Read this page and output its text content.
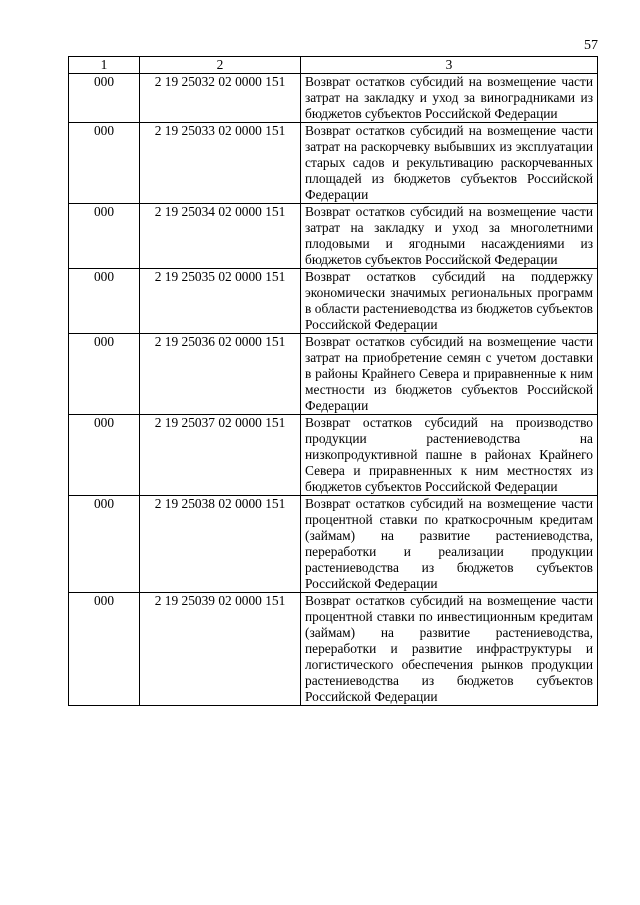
57
1	2	3
000	2 19 25032 02 0000 151	Возврат остатков субсидий на возмещение части затрат на закладку и уход за виноградниками из бюджетов субъектов Российской Федерации
000	2 19 25033 02 0000 151	Возврат остатков субсидий на возмещение части затрат на раскорчевку выбывших из эксплуатации старых садов и рекультивацию раскорчеванных площадей из бюджетов субъектов Российской Федерации
000	2 19 25034 02 0000 151	Возврат остатков субсидий на возмещение части затрат на закладку и уход за многолетними плодовыми и ягодными насаждениями из бюджетов субъектов Российской Федерации
000	2 19 25035 02 0000 151	Возврат остатков субсидий на поддержку экономически значимых региональных программ в области растениеводства из бюджетов субъектов Российской Федерации
000	2 19 25036 02 0000 151	Возврат остатков субсидий на возмещение части затрат на приобретение семян с учетом доставки в районы Крайнего Севера и приравненные к ним местности из бюджетов субъектов Российской Федерации
000	2 19 25037 02 0000 151	Возврат остатков субсидий на производство продукции растениеводства на низкопродуктивной пашне в районах Крайнего Севера и приравненных к ним местностях из бюджетов субъектов Российской Федерации
000	2 19 25038 02 0000 151	Возврат остатков субсидий на возмещение части процентной ставки по краткосрочным кредитам (займам) на развитие растениеводства, переработки и реализации продукции растениеводства из бюджетов субъектов Российской Федерации
000	2 19 25039 02 0000 151	Возврат остатков субсидий на возмещение части процентной ставки по инвестиционным кредитам (займам) на развитие растениеводства, переработки и развитие инфраструктуры и логистического обеспечения рынков продукции растениеводства из бюджетов субъектов Российской Федерации
